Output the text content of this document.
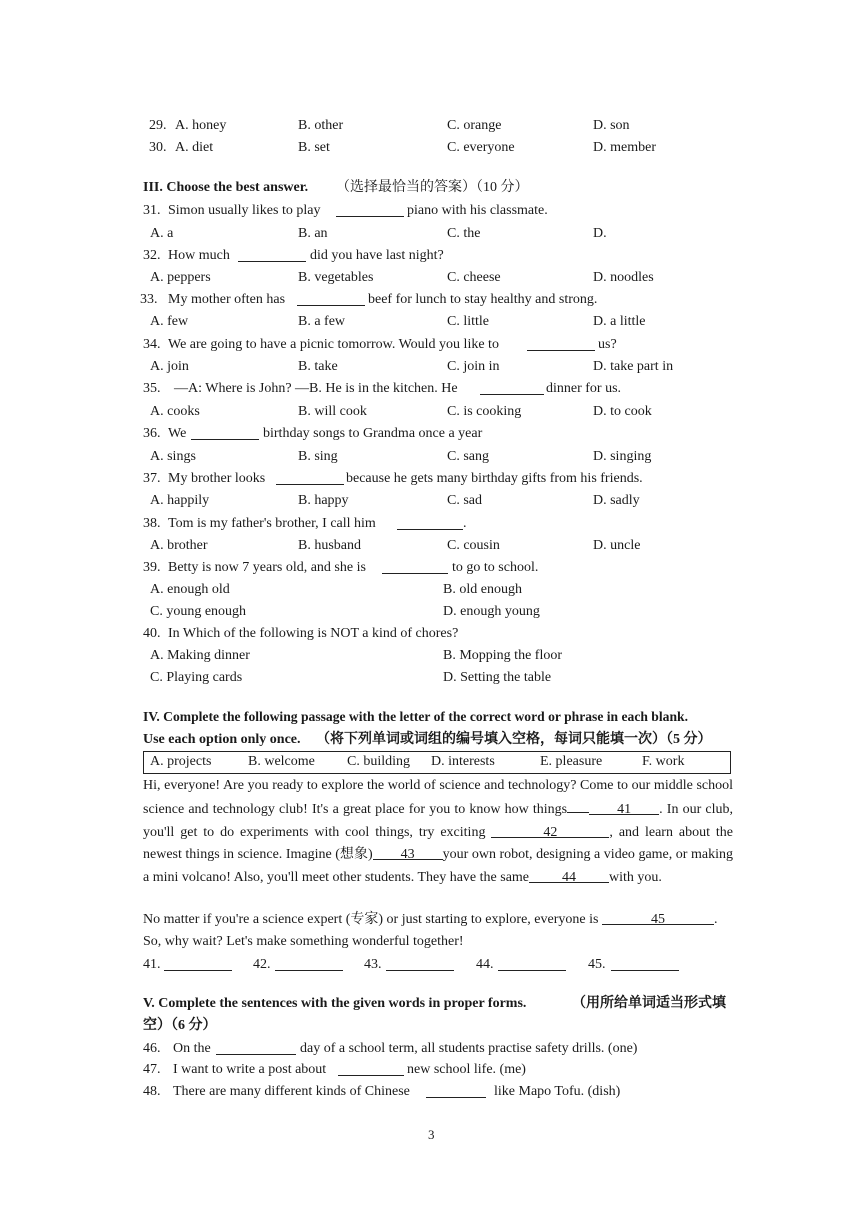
29. A. honey	B. other	C. orange	D. son
30. A. diet	B. set	C. everyone	D. member
III. Choose the best answer. （选择最恰当的答案）（10 分）
31. Simon usually likes to play	piano with his classmate.
A. a	B. an	C. the	D.
32. How much	did you have last night?
A. peppers	B. vegetables	C. cheese	D. noodles
33. My mother often has	beef for lunch to stay healthy and strong.
A. few	B. a few	C. little	D. a little
34. We are going to have a picnic tomorrow. Would you like to	us?
A. join	B. take	C. join in	D. take part in
35. —A: Where is John? —B. He is in the kitchen. He	dinner for us.
A. cooks	B. will cook	C. is cooking	D. to cook
36. We	birthday songs to Grandma once a year
A. sings	B. sing	C. sang	D. singing
37. My brother looks	because he gets many birthday gifts from his friends.
A. happily	B. happy	C. sad	D. sadly
38. Tom is my father's brother, I call him	.
A. brother	B. husband	C. cousin	D. uncle
39. Betty is now 7 years old, and she is	to go to school.
A. enough old	B. old enough
C. young enough	D. enough young
40. In Which of the following is NOT a kind of chores?
A. Making dinner	B. Mopping the floor
C. Playing cards	D. Setting the table
IV. Complete the following passage with the letter of the correct word or phrase in each blank.
Use each option only once. （将下列单词或词组的编号填入空格，每词只能填一次）（5 分）
A. projects	B. welcome C. building D. interests	E. pleasure	F. work
Hi, everyone! Are you ready to explore the world of science and technology? Come to our middle school science and technology club! It's a great place for you to know how things	41 . In our club, you'll get to do experiments with cool things, try exciting	42	, and learn about the newest things in science. Imagine (想象) 43 your own robot, designing a video game, or making a mini volcano! Also, you'll meet other students. They have the same 44 with you.
No matter if you're a science expert (专家) or just starting to explore, everyone is	45	.
So, why wait? Let's make something wonderful together!
41.	42.	43.	44.	45.
V. Complete the sentences with the given words in proper forms.	（用所给单词适当形式填
空）（6 分）
46. On the	day of a school term, all students practise safety drills. (one)
47. I want to write a post about	new school life. (me)
48. There are many different kinds of Chinese	like Mapo Tofu. (dish)
3
